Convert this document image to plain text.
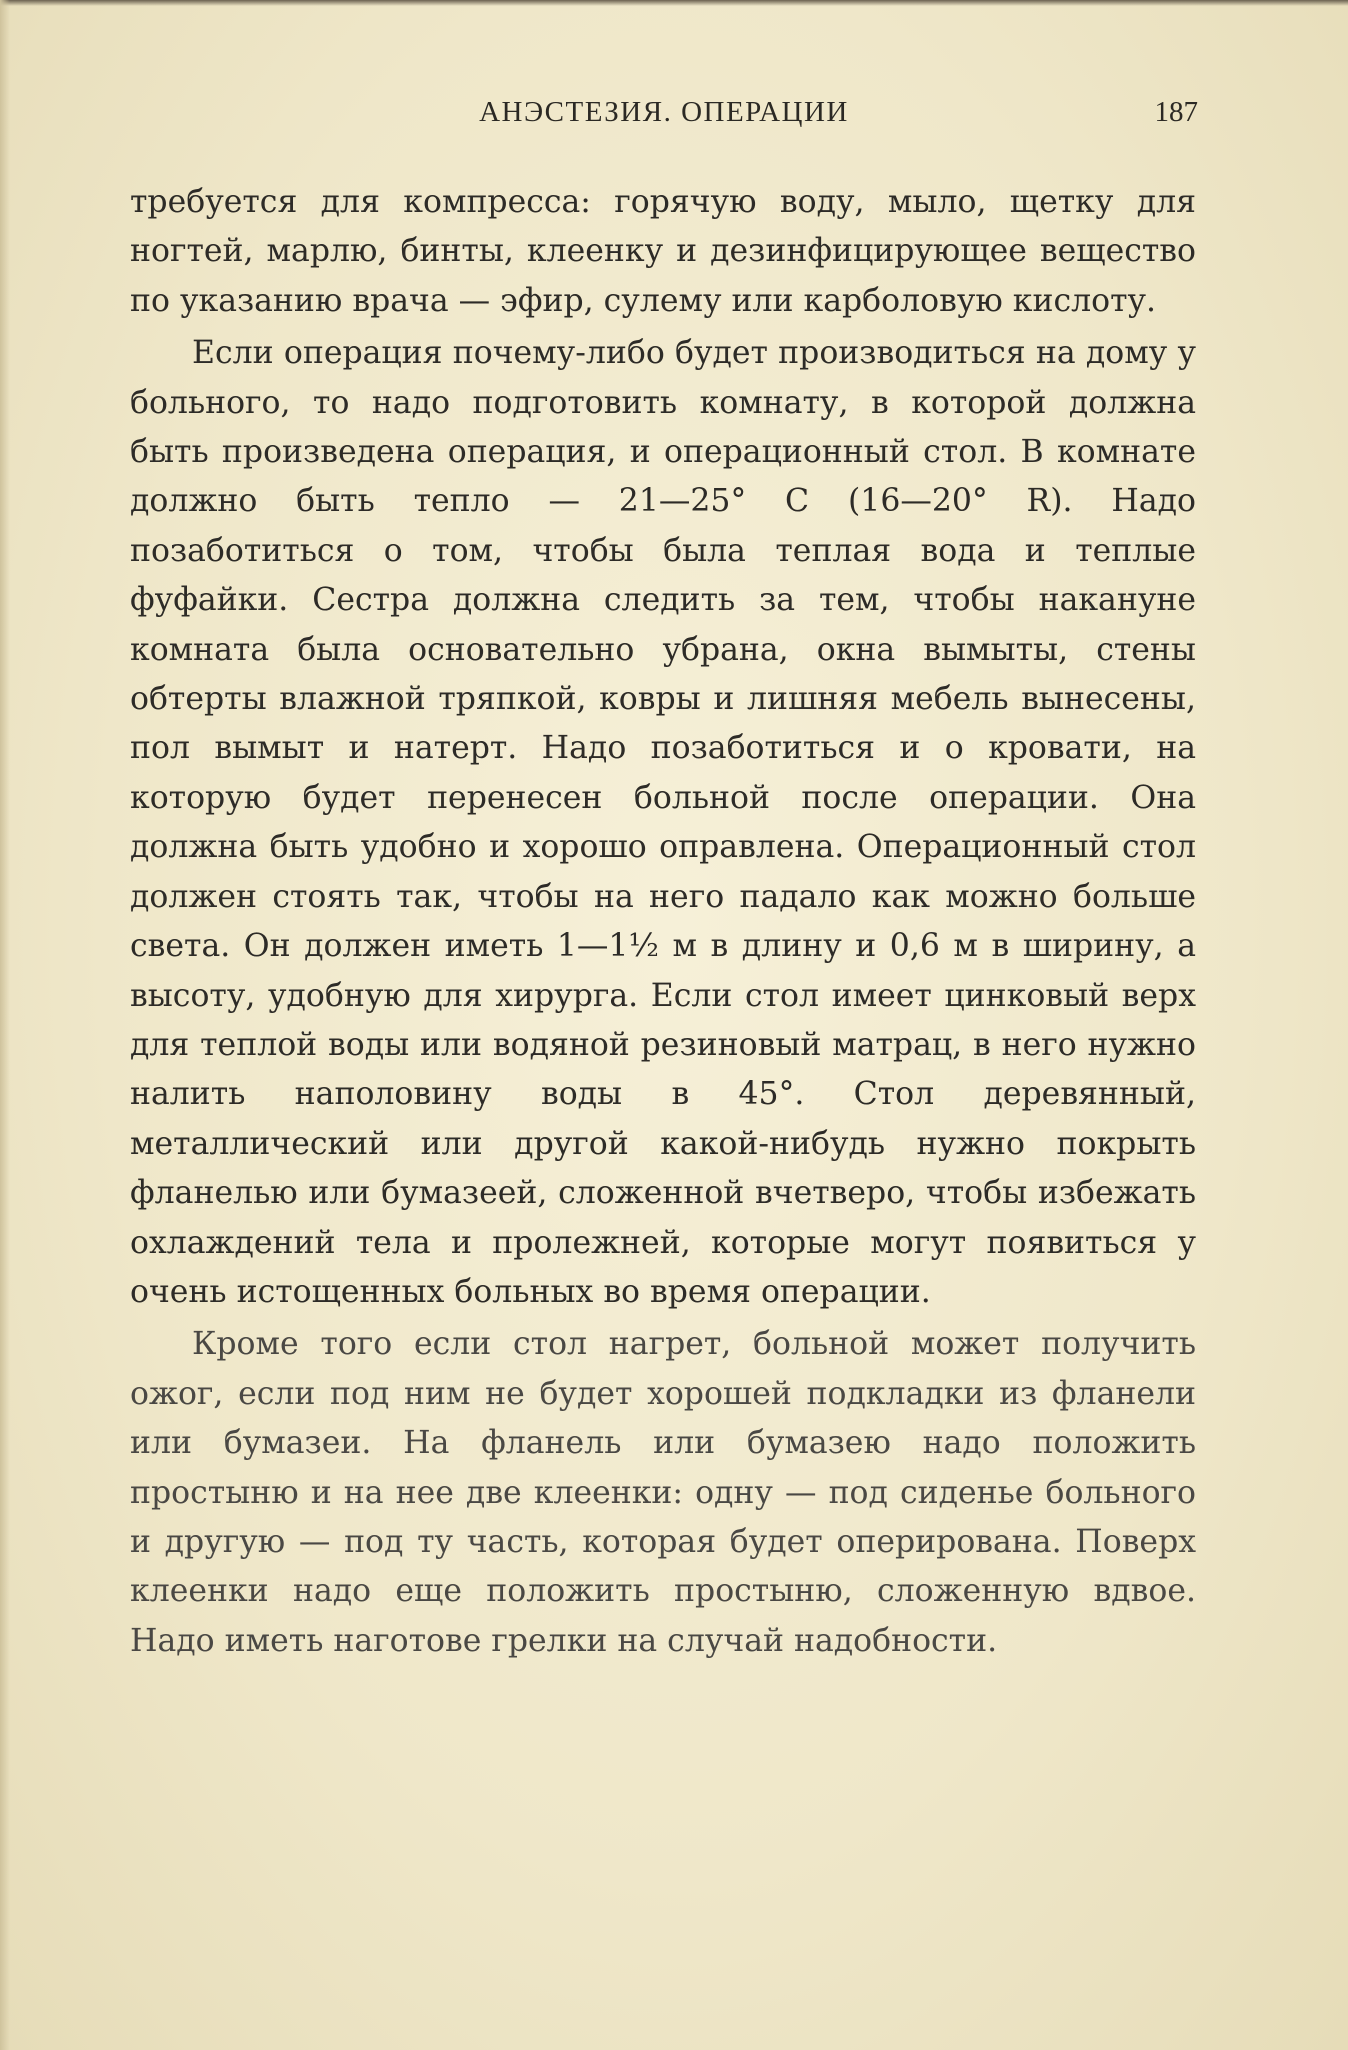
АНЭСТЕЗИЯ. ОПЕРАЦИИ	187

требуется для компресса: горячую воду, мыло, щетку для ногтей, марлю, бинты, клеенку и дезинфицирующее вещество по указанию врача — эфир, сулему или карболовую кислоту.

Если операция почему-либо будет производиться на дому у больного, то надо подготовить комнату, в которой должна быть произведена операция, и операционный стол. В комнате должно быть тепло — 21—25° С (16—20° R). Надо позаботиться о том, чтобы была теплая вода и теплые фуфайки. Сестра должна следить за тем, чтобы накануне комната была основательно убрана, окна вымыты, стены обтерты влажной тряпкой, ковры и лишняя мебель вынесены, пол вымыт и натерт. Надо позаботиться и о кровати, на которую будет перенесен больной после операции. Она должна быть удобно и хорошо оправлена. Операционный стол должен стоять так, чтобы на него падало как можно больше света. Он должен иметь 1—1½ м в длину и 0,6 м в ширину, а высоту, удобную для хирурга. Если стол имеет цинковый верх для теплой воды или водяной резиновый матрац, в него нужно налить наполовину воды в 45°. Стол деревянный, металлический или другой какой-нибудь нужно покрыть фланелью или бумазеей, сложенной вчетверо, чтобы избежать охлаждений тела и пролежней, которые могут появиться у очень истощенных больных во время операции.

Кроме того если стол нагрет, больной может получить ожог, если под ним не будет хорошей подкладки из фланели или бумазеи. На фланель или бумазею надо положить простыню и на нее две клеенки: одну — под сиденье больного и другую — под ту часть, которая будет оперирована. Поверх клеенки надо еще положить простыню, сложенную вдвое. Надо иметь наготове грелки на случай надобности.
